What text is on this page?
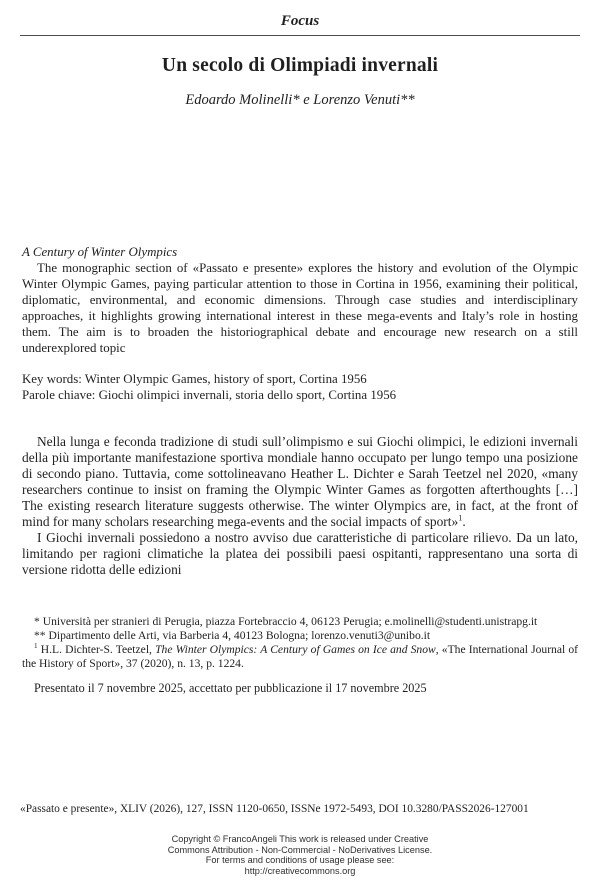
Focus
Un secolo di Olimpiadi invernali
Edoardo Molinelli* e Lorenzo Venuti**
A Century of Winter Olympics

The monographic section of «Passato e presente» explores the history and evolution of the Olympic Winter Olympic Games, paying particular attention to those in Cortina in 1956, examining their political, diplomatic, environmental, and economic dimensions. Through case studies and interdisciplinary approaches, it highlights growing international interest in these mega-events and Italy’s role in hosting them. The aim is to broaden the historiographical debate and encourage new research on a still underexplored topic

Key words: Winter Olympic Games, history of sport, Cortina 1956
Parole chiave: Giochi olimpici invernali, storia dello sport, Cortina 1956

Nella lunga e feconda tradizione di studi sull’olimpismo e sui Giochi olimpici, le edizioni invernali della più importante manifestazione sportiva mondiale hanno occupato per lungo tempo una posizione di secondo piano. Tuttavia, come sottolineavano Heather L. Dichter e Sarah Teetzel nel 2020, «many researchers continue to insist on framing the Olympic Winter Games as forgotten afterthoughts […] The existing research literature suggests otherwise. The winter Olympics are, in fact, at the front of mind for many scholars researching mega-events and the social impacts of sport»$^1$.

I Giochi invernali possiedono a nostro avviso due caratteristiche di particolare rilievo. Da un lato, limitando per ragioni climatiche la platea dei possibili paesi ospitanti, rappresentano una sorta di versione ridotta delle edizioni

* Università per stranieri di Perugia, piazza Fortebraccio 4, 06123 Perugia; e.molinelli@studenti.unistrapg.it

** Dipartimento delle Arti, via Barberia 4, 40123 Bologna; lorenzo.venuti3@unibo.it

$^1$ H.L. Dichter-S. Teetzel, The Winter Olympics: A Century of Games on Ice and Snow, «The International Journal of the History of Sport», 37 (2020), n. 13, p. 1224.

Presentato il 7 novembre 2025, accettato per pubblicazione il 17 novembre 2025

«Passato e presente», XLIV (2026), 127, ISSN 1120-0650, ISSNe 1972-5493, DOI 10.3280/PASS2026-127001
Copyright © FrancoAngeli This work is released under Creative
Commons Attribution - Non-Commercial - NoDerivatives License.
For terms and conditions of usage please see:
http://creativecommons.org
